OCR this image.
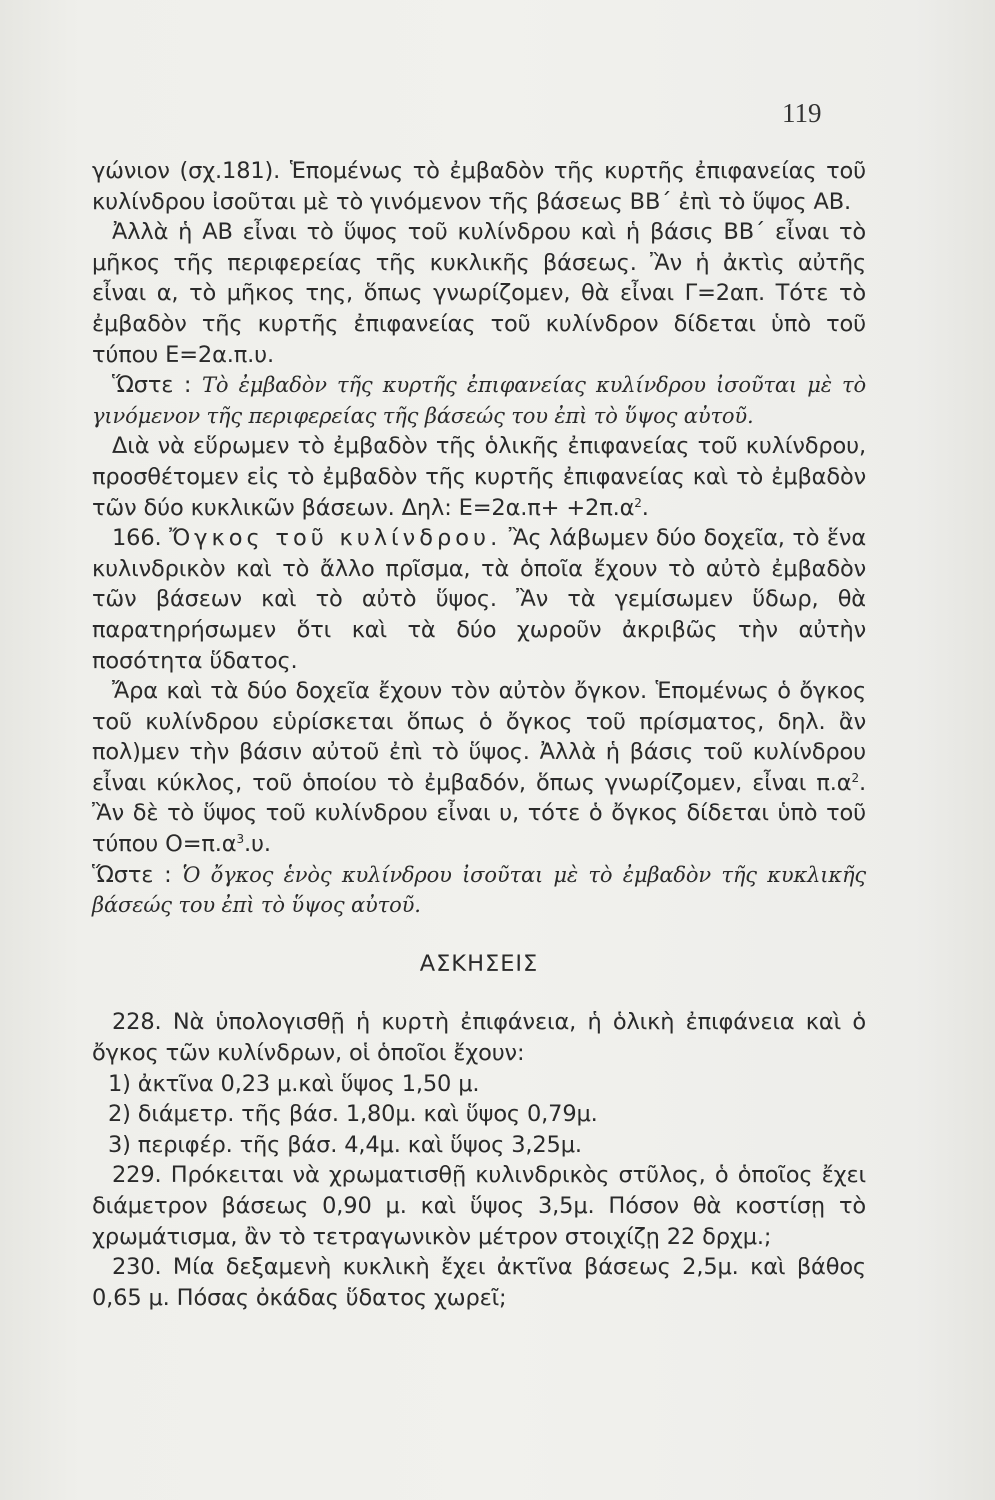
119

γώνιον (σχ.181). Ἑπομένως τὸ ἐμβαδὸν τῆς κυρτῆς ἐπιφανείας τοῦ κυλίνδρου ἰσοῦται μὲ τὸ γινόμενον τῆς βάσεως ΒΒ΄ ἐπὶ τὸ ὕψος ΑΒ.

Ἀλλὰ ἡ ΑΒ εἶναι τὸ ὕψος τοῦ κυλίνδρου καὶ ἡ βάσις ΒΒ΄ εἶναι τὸ μῆκος τῆς περιφερείας τῆς κυκλικῆς βάσεως. Ἂν ἡ ἀκτὶς αὐτῆς εἶναι α, τὸ μῆκος της, ὅπως γνωρίζομεν, θὰ εἶναι Γ=2απ. Τότε τὸ ἐμβαδὸν τῆς κυρτῆς ἐπιφανείας τοῦ κυλίνδρον δίδεται ὑπὸ τοῦ τύπου Ε=2α.π.υ.

Ὥστε : Τὸ ἐμβαδὸν τῆς κυρτῆς ἐπιφανείας κυλίνδρου ἰσοῦται μὲ τὸ γινόμενον τῆς περιφερείας τῆς βάσεώς του ἐπὶ τὸ ὕψος αὐτοῦ.

Διὰ νὰ εὕρωμεν τὸ ἐμβαδὸν τῆς ὁλικῆς ἐπιφανείας τοῦ κυλίνδρου, προσθέτομεν εἰς τὸ ἐμβαδὸν τῆς κυρτῆς ἐπιφανείας καὶ τὸ ἐμβαδὸν τῶν δύο κυκλικῶν βάσεων. Δηλ: $E=2\alpha.\pi+ +2\pi.\alpha^2$.

166. Ὄγκος τοῦ κυλίνδρου. Ἂς λάβωμεν δύο δοχεῖα, τὸ ἕνα κυλινδρικὸν καὶ τὸ ἄλλο πρῖσμα, τὰ ὁποῖα ἔχουν τὸ αὐτὸ ἐμβαδὸν τῶν βάσεων καὶ τὸ αὐτὸ ὕψος. Ἂν τὰ γεμίσωμεν ὕδωρ, θὰ παρατηρήσωμεν ὅτι καὶ τὰ δύο χωροῦν ἀκριβῶς τὴν αὐτὴν ποσότητα ὕδατος.

Ἄρα καὶ τὰ δύο δοχεῖα ἔχουν τὸν αὐτὸν ὄγκον. Ἑπομένως ὁ ὄγκος τοῦ κυλίνδρου εὑρίσκεται ὅπως ὁ ὄγκος τοῦ πρίσματος, δηλ. ἂν πολ)μεν τὴν βάσιν αὐτοῦ ἐπὶ τὸ ὕψος. Ἀλλὰ ἡ βάσις τοῦ κυλίνδρου εἶναι κύκλος, τοῦ ὁποίου τὸ ἐμβαδόν, ὅπως γνωρίζομεν, εἶναι $\pi.\alpha^2$. Ἂν δὲ τὸ ὕψος τοῦ κυλίνδρου εἶναι υ, τότε ὁ ὄγκος δίδεται ὑπὸ τοῦ τύπου $O=\pi.\alpha^3.\upsilon$.

Ὥστε : Ὁ ὄγκος ἑνὸς κυλίνδρου ἰσοῦται μὲ τὸ ἐμβαδὸν τῆς κυκλικῆς βάσεώς του ἐπὶ τὸ ὕψος αὐτοῦ.

ΑΣΚΗΣΕΙΣ

228. Νὰ ὑπολογισθῇ ἡ κυρτὴ ἐπιφάνεια, ἡ ὁλικὴ ἐπιφάνεια καὶ ὁ ὄγκος τῶν κυλίνδρων, οἱ ὁποῖοι ἔχουν:

1) ἀκτῖνα 0,23 μ.καὶ ὕψος 1,50 μ.
2) διάμετρ. τῆς βάσ. 1,80μ. καὶ ὕψος 0,79μ.
3) περιφέρ. τῆς βάσ. 4,4μ. καὶ ὕψος 3,25μ.

229. Πρόκειται νὰ χρωματισθῇ κυλινδρικὸς στῦλος, ὁ ὁποῖος ἔχει διάμετρον βάσεως 0,90 μ. καὶ ὕψος 3,5μ. Πόσον θὰ κοστίσῃ τὸ χρωμάτισμα, ἂν τὸ τετραγωνικὸν μέτρον στοιχίζῃ 22 δρχμ.;

230. Μία δεξαμενὴ κυκλικὴ ἔχει ἀκτῖνα βάσεως 2,5μ. καὶ βάθος 0,65 μ. Πόσας ὀκάδας ὕδατος χωρεῖ;
